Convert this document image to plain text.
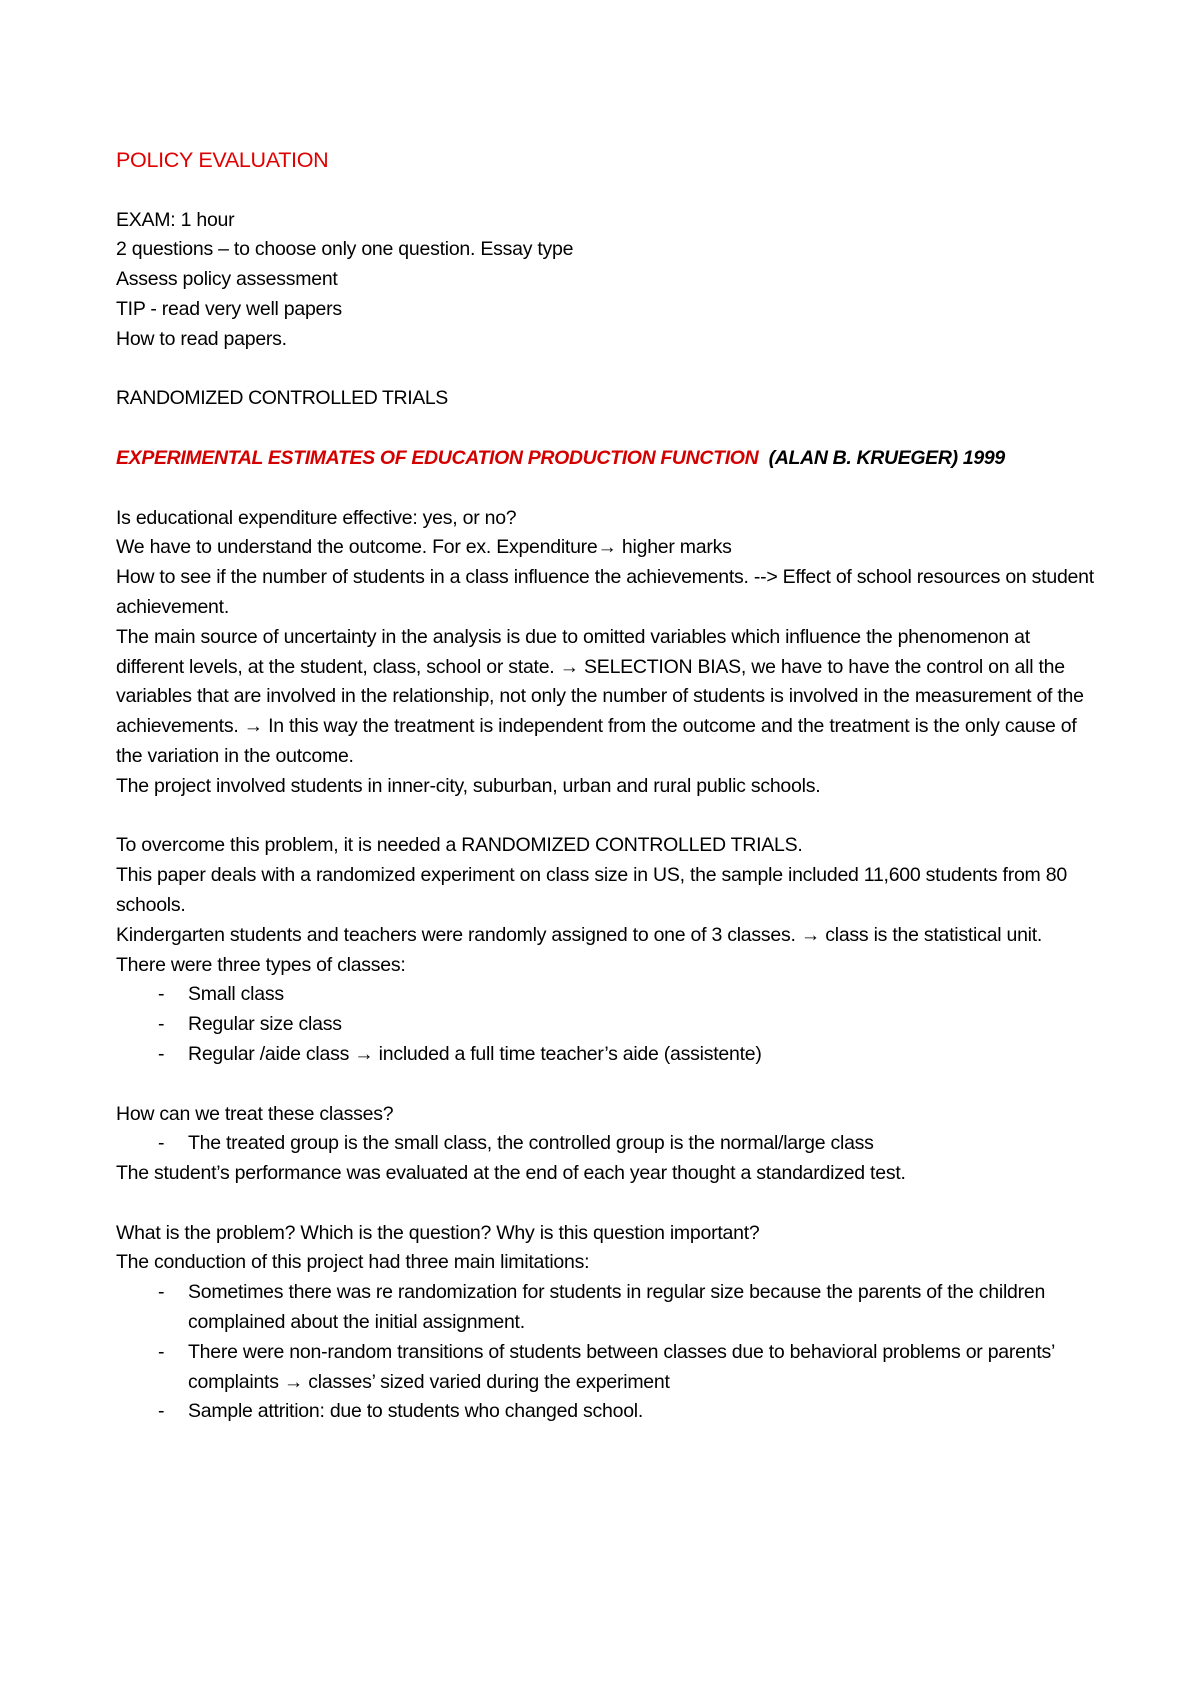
POLICY EVALUATION

EXAM: 1 hour

2 questions – to choose only one question. Essay type

Assess policy assessment

TIP - read very well papers

How to read papers.

RANDOMIZED CONTROLLED TRIALS

EXPERIMENTAL ESTIMATES OF EDUCATION PRODUCTION FUNCTION (ALAN B. KRUEGER) 1999

Is educational expenditure effective: yes, or no?

We have to understand the outcome. For ex. Expenditure→ higher marks

How to see if the number of students in a class influence the achievements. --> Effect of school resources on student achievement.

The main source of uncertainty in the analysis is due to omitted variables which influence the phenomenon at different levels, at the student, class, school or state. → SELECTION BIAS, we have to have the control on all the variables that are involved in the relationship, not only the number of students is involved in the measurement of the achievements. → In this way the treatment is independent from the outcome and the treatment is the only cause of the variation in the outcome.

The project involved students in inner-city, suburban, urban and rural public schools.

To overcome this problem, it is needed a RANDOMIZED CONTROLLED TRIALS.

This paper deals with a randomized experiment on class size in US, the sample included 11,600 students from 80 schools.

Kindergarten students and teachers were randomly assigned to one of 3 classes. → class is the statistical unit.

There were three types of classes:

- Small class
- Regular size class
- Regular /aide class → included a full time teacher’s aide (assistente)

How can we treat these classes?

- The treated group is the small class, the controlled group is the normal/large class

The student’s performance was evaluated at the end of each year thought a standardized test.

What is the problem? Which is the question? Why is this question important?

The conduction of this project had three main limitations:

- Sometimes there was re randomization for students in regular size because the parents of the children complained about the initial assignment.
- There were non-random transitions of students between classes due to behavioral problems or parents’ complaints → classes’ sized varied during the experiment
- Sample attrition: due to students who changed school.
